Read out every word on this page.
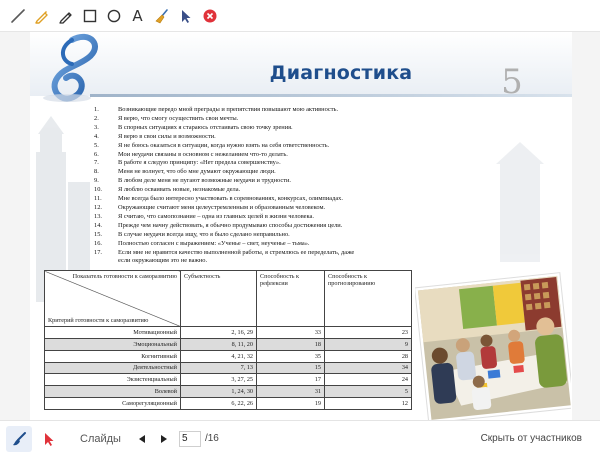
A
Диагностика	5
1.	Возникающие передо мной преграды и препятствия повышают мою активность.
2.	Я верю, что смогу осуществить свои мечты.
3.	В спорных ситуациях я стараюсь отстаивать свою точку зрения.
4.	Я верю в свои силы и возможности.
5.	Я не боюсь оказаться в ситуации, когда нужно взять на себя ответственность.
6.	Мои неудачи связаны в основном с нежеланием что-то делать.
7.	В работе я следую принципу: «Нет предела совершенству».
8.	Меня не волнует, что обо мне думают окружающие люди.
9.	В любом деле меня не пугают возможные неудачи и трудности.
10.	Я люблю осваивать новые, незнакомые дела.
11.	Мне всегда было интересно участвовать в соревнованиях, конкурсах, олимпиадах.
12.	Окружающие считают меня целеустремленным и образованным человеком.
13.	Я считаю, что самопознание – одна из главных целей в жизни человека.
14.	Прежде чем начну действовать, я обычно продумываю способы достижения цели.
15.	В случае неудачи всегда ищу, что я было сделано неправильно.
16.	Полностью согласен с выражением: «Ученье – свет, неученье – тьма».
17.	Если мне не нравится качество выполненной работы, я стремлюсь ее переделать, даже
если окружающим это не важно.
Показатель готовности к саморазвитию
Критерий готовности к саморазвитию	Субъектность	Способность к рефлексии	Способность к прогнозированию
Мотивационный	2, 16, 29	33	23
Эмоциональный	8, 11, 20	18	9
Когнитивный	4, 21, 32	35	28
Деятельностный	7, 13	15	34
Экзистенциальный	3, 27, 25	17	24
Волевой	1, 24, 30	31	5
Саморегуляционный	6, 22, 26	19	12
Слайды
5	/16	Скрыть от участников
